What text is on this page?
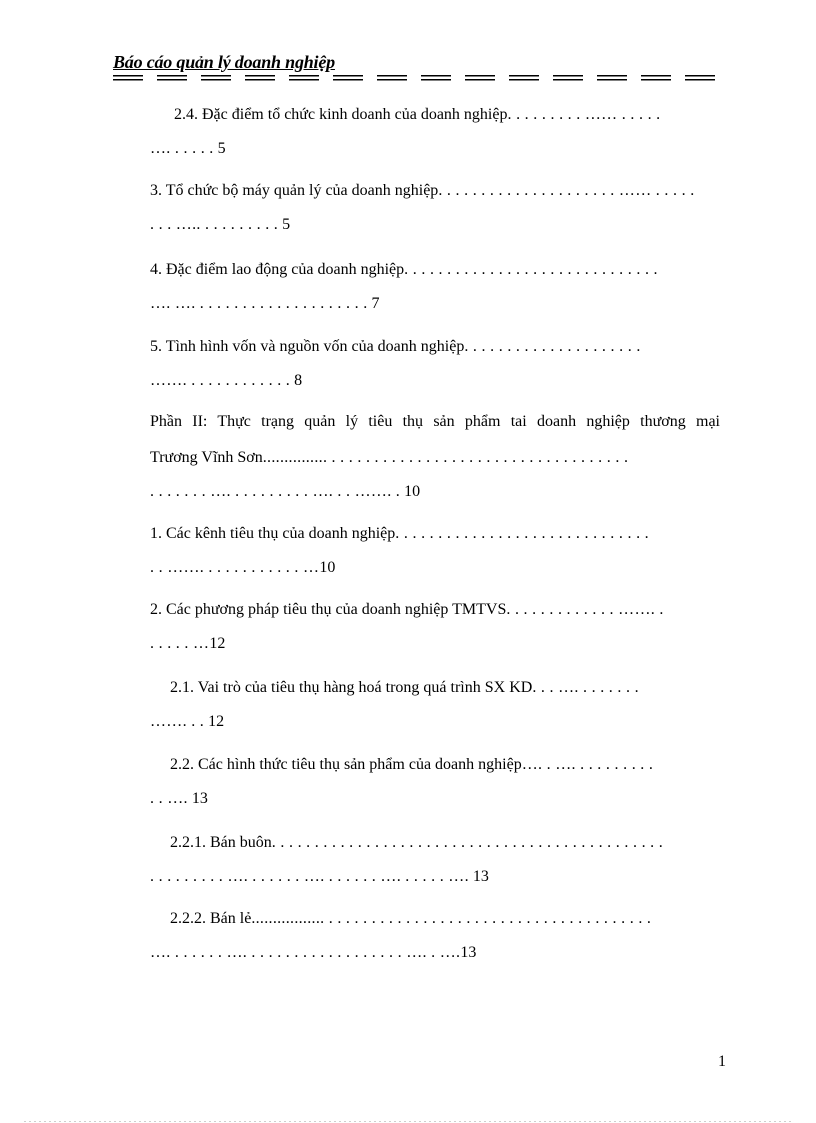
Báo cáo quản lý doanh nghiệp
2.4. Đặc điểm tổ chức kinh doanh của doanh nghiệp. . . . . . . . . …… . . . . .
…. . . . . . 5
3. Tổ chức bộ máy quản lý của doanh nghiệp. . . . . . . . . . . . . . . . . . . . . …… . . . . .
. . . ….. . . . . . . . . . 5
4. Đặc điểm lao động của doanh nghiệp. . . . . . . . . . . . . . . . . . . . . . . . . . . . . .
…. …. . . . . . . . . . . . . . . . . . . . . 7
5. Tình hình vốn và nguồn vốn của doanh nghiệp. . . . . . . . . . . . . . . . . . . . .
……. . . . . . . . . . . . . 8
Phần II: Thực trạng quản lý tiêu thụ sản phẩm tai doanh nghiệp thương mại
Trương Vĩnh Sơn............... . . . . . . . . . . . . . . . . . . . . . . . . . . . . . . . . . . .
. . . . . . . …. . . . . . . . . . …. . . ……. . 10
1. Các kênh tiêu thụ của doanh nghiệp. . . . . . . . . . . . . . . . . . . . . . . . . . . . . .
. . ……. . . . . . . . . . . . …10
2. Các phương pháp tiêu thụ của doanh nghiệp TMTVS. . . . . . . . . . . . . ……. .
. . . . . …12
2.1. Vai trò của tiêu thụ hàng hoá trong quá trình SX KD. . . …. . . . . . . .
……. . . 12
2.2. Các hình thức tiêu thụ sản phẩm của doanh nghiệp…. . …. . . . . . . . . .
. . …. 13
2.2.1. Bán buôn. . . . . . . . . . . . . . . . . . . . . . . . . . . . . . . . . . . . . . . . . . . . . .
. . . . . . . . . …. . . . . . . …. . . . . . . …. . . . . . …. 13
2.2.2. Bán lẻ................. . . . . . . . . . . . . . . . . . . . . . . . . . . . . . . . . . . . . . .
…. . . . . . . …. . . . . . . . . . . . . . . . . . . …. . ….13
1
